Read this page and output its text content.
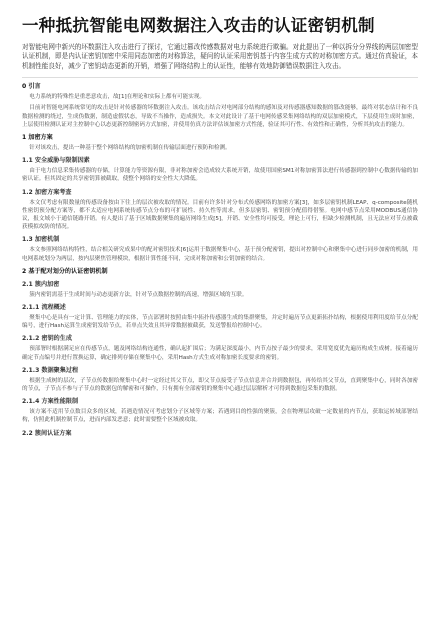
一种抵抗智能电网数据注入攻击的认证密钥机制
对智能电网中新兴的坏数据注入攻击进行了探讨，它通过篡改传感数据对电力系统进行欺骗。对此提出了一种以拆分分界线的两层加密型认证机制，即是内认证密钥加密中采用同态加密的对称算法，疑问的认证采用密钥基于内容生成方式的对称加密方式。通过仿真验证，本机制性能良好，减少了密钥动态更新的开销，增强了网络结构上的认证性，能够有效地防御错误数据注入攻击。
0 引言
电力系统的特殊性是重恶意攻击，故[1]在理论和实际上都有可能实现。
目前对智能电网系统常见的攻击是针对传感器的坏数据注入攻击。该攻击结合对电网部分结构的感知及对传感器感知数据的篡改能够，最终对状态估计和不良数据检测的绕过，生成伪数据，制造虚假状态，导致不当操作，造成损失。本文对此设计了基于电网传感采集网络结构的双层加密模式，下层使用生成时加密，上层使用检测认证对主控制中心以态更新控制密码方式加密，并使用仿真方法评估该加密方式性能，验证其可行性、有效性和正确性，分析其抗攻击的能力。
1 加密方案
针对该攻击，提出一种基于整个网络结构的加密机制在传输层面进行预防和检测。
1.1 安全威胁与限制因素
由于电力信息采集传感器的存储，计算能力等资源有限，非对称加密会造成较大系统开销，故使用国密SM1对称加密算法进行传感器到控制中心数据传输的加密认证。但其固定的共享密钥算被截取，使整个网络的安全性大大降低。
1.2 加密方案考查
本文仅考虑有限数量的传感设备按由下往上的层次被攻取的情况。目前有许多针对分布式传感网络的加密方案[3]，如多层密钥机制LEAP、q-composite随机性密钥预分配方案等，都不太适应电网系统传感节点分布的可扩展性、持久性等需求，但多层密钥、密钥预分配值得借鉴。电网中感节点采用MODBUS通信协议，报文域小于通信链路开销。有人提出了基于区域数据聚集的遍历网络生成[5]，开销、安全性均可接受，理论上可行，但缺少检测机制，且无法应对节点被截获模拟攻防的情况。
1.3 加密机制
本文参照网络结构特性，结合相关研究成果中的配对密钥技术[6]运用于数据聚集中心，基于预分配密钥，提出对控制中心和聚集中心进行同步加密的机制，用电网系统划分为两层，按内层聚焦管理模块，根据计算性能不同，完成对称加密和公钥加密的结合。
2 基于配对划分的认证密钥机制
2.1 簇内加密
簇内密钥需基于生成时间与动态更新方法，针对节点数据控制的高速，增强区域的互联。
2.1.1 流程概述
聚集中心是具有一定计算、管理能力的实体，节点部署时按照由集中拓扑传感器生成的集群聚集，并定时遍历节点更新拓扑结构，根据使用利用度给节点分配编号，进行Hash运算生成密钥发给节点，若单点失效且其异常数据被截获，发送警报给控制中心。
2.1.2 密钥的生成
预部署时根据满足应在传感节点，题及网络结构连通性，确认起扩围后；为满足深度最小，内节点按子最少的要求，采用宽度优先遍历构成生成树。接着遍历确定节点编号并进行置换运算，确定排列存储在聚集中心，采用Hash方式生成对称加密长度要求的密钥。
2.1.3 数据聚集过程
根据生成树的层次，子节点传数据给聚集中心时一定经过其父节点，即父节点接受子节点信息并合并到数据包，再传给其父节点，直到聚集中心，同时各加密的节点，子节点不参与子节点的数据包的解密和可操作，只有拥有全部密钥的聚集中心通过层层解析才可得到数据包采集的数据。
2.1.4 方案性能限制
该方案不适用节点数目众多的区域，若遇造情况可考虑划分子区域等方案；若遇到目的性强的聚簇，会在物理层攻破一定数量的内节点，获取运转域部署结构，仿照此机制控制节点，进而内部发恶意；此时需要整个区域被攻取。
2.2 簇间认证方案
